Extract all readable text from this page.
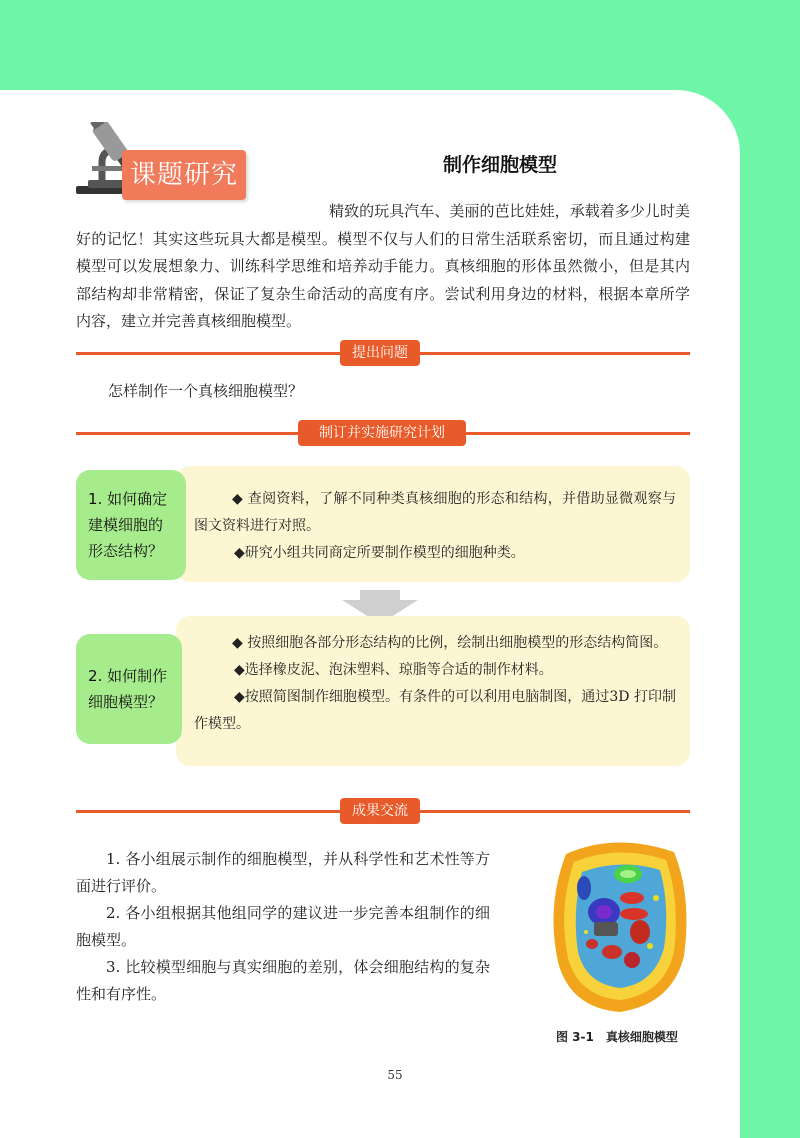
课题研究	制作细胞模型

精致的玩具汽车、美丽的芭比娃娃，承载着多少儿时美好的记忆！其实这些玩具大都是模型。模型不仅与人们的日常生活联系密切，而且通过构建模型可以发展想象力、训练科学思维和培养动手能力。真核细胞的形体虽然微小，但是其内部结构却非常精密，保证了复杂生命活动的高度有序。尝试利用身边的材料，根据本章所学内容，建立并完善真核细胞模型。

提出问题

怎样制作一个真核细胞模型？

制订并实施研究计划

◆ 查阅资料，了解不同种类真核细胞的形态和结构，并借助显微观察与图文资料进行对照。

◆研究小组共同商定所要制作模型的细胞种类。

1. 如何确定建模细胞的形态结构？

◆ 按照细胞各部分形态结构的比例，绘制出细胞模型的形态结构简图。

◆选择橡皮泥、泡沫塑料、琼脂等合适的制作材料。

◆按照简图制作细胞模型。有条件的可以利用电脑制图，通过3D 打印制作模型。

2. 如何制作细胞模型？
成果交流

1. 各小组展示制作的细胞模型，并从科学性和艺术性等方面进行评价。

2. 各小组根据其他组同学的建议进一步完善本组制作的细胞模型。

3. 比较模型细胞与真实细胞的差别，体会细胞结构的复杂性和有序性。

图 3-1　真核细胞模型
55
